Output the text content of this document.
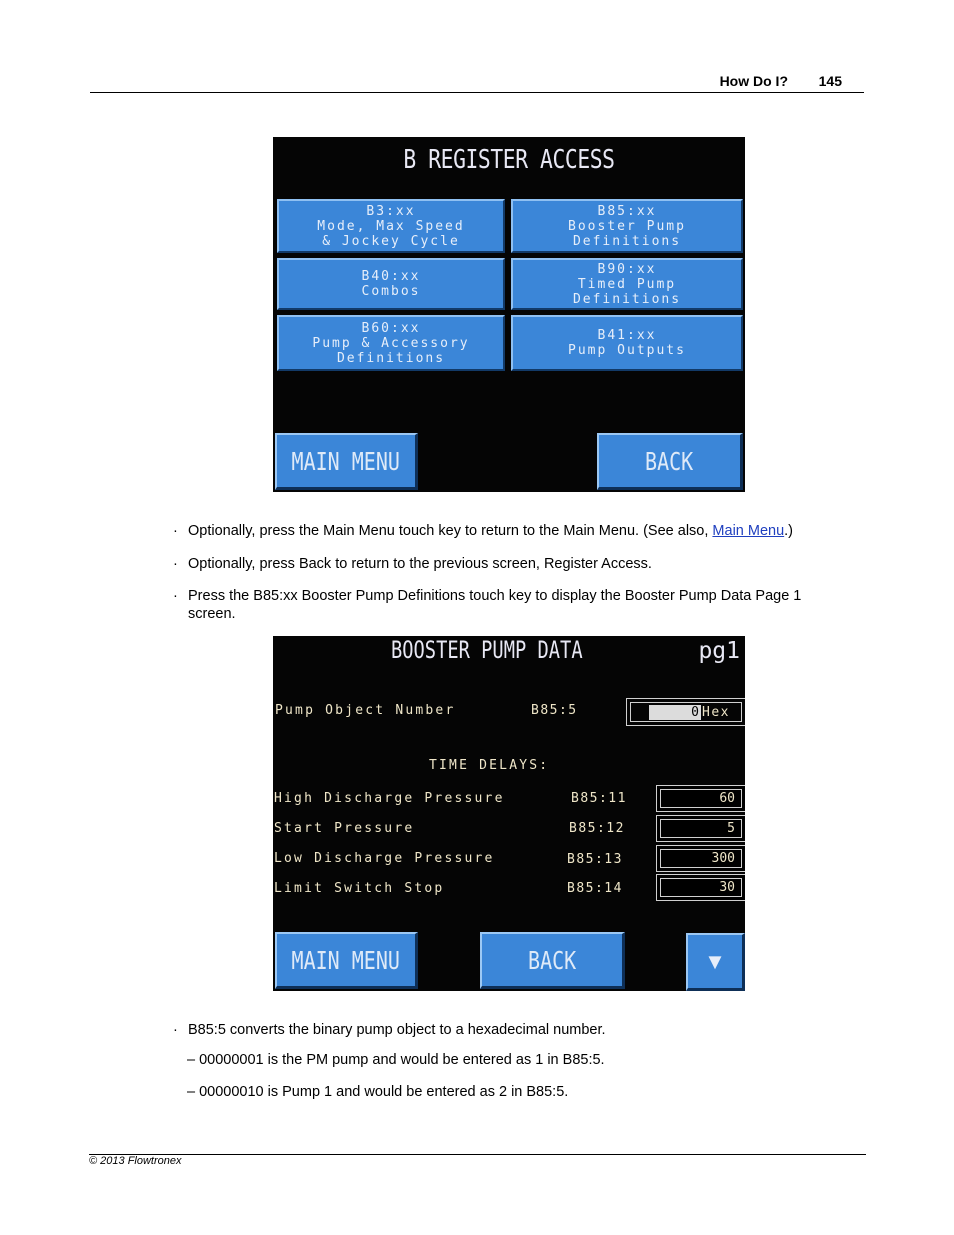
How Do I? 145
B REGISTER ACCESS
B3:xx
Mode, Max Speed
& Jockey Cycle
B85:xx
Booster Pump
Definitions
B40:xx
Combos
B90:xx
Timed Pump
Definitions
B60:xx
Pump & Accessory
Definitions
B41:xx
Pump Outputs
MAIN MENU	BACK
· Optionally, press the Main Menu touch key to return to the Main Menu. (See also, Main Menu.)
· Optionally, press Back to return to the previous screen, Register Access.
· Press the B85:xx Booster Pump Definitions touch key to display the Booster Pump Data Page 1 screen.
BOOSTER PUMP DATA	pg1
Pump Object Number	B85:5	0 Hex
TIME DELAYS:
High Discharge Pressure	B85:11	60
Start Pressure	B85:12	5
Low Discharge Pressure	B85:13	300
Limit Switch Stop	B85:14	30
MAIN MENU	BACK	▼
· B85:5 converts the binary pump object to a hexadecimal number.
– 00000001 is the PM pump and would be entered as 1 in B85:5.
– 00000010 is Pump 1 and would be entered as 2 in B85:5.
© 2013 Flowtronex
